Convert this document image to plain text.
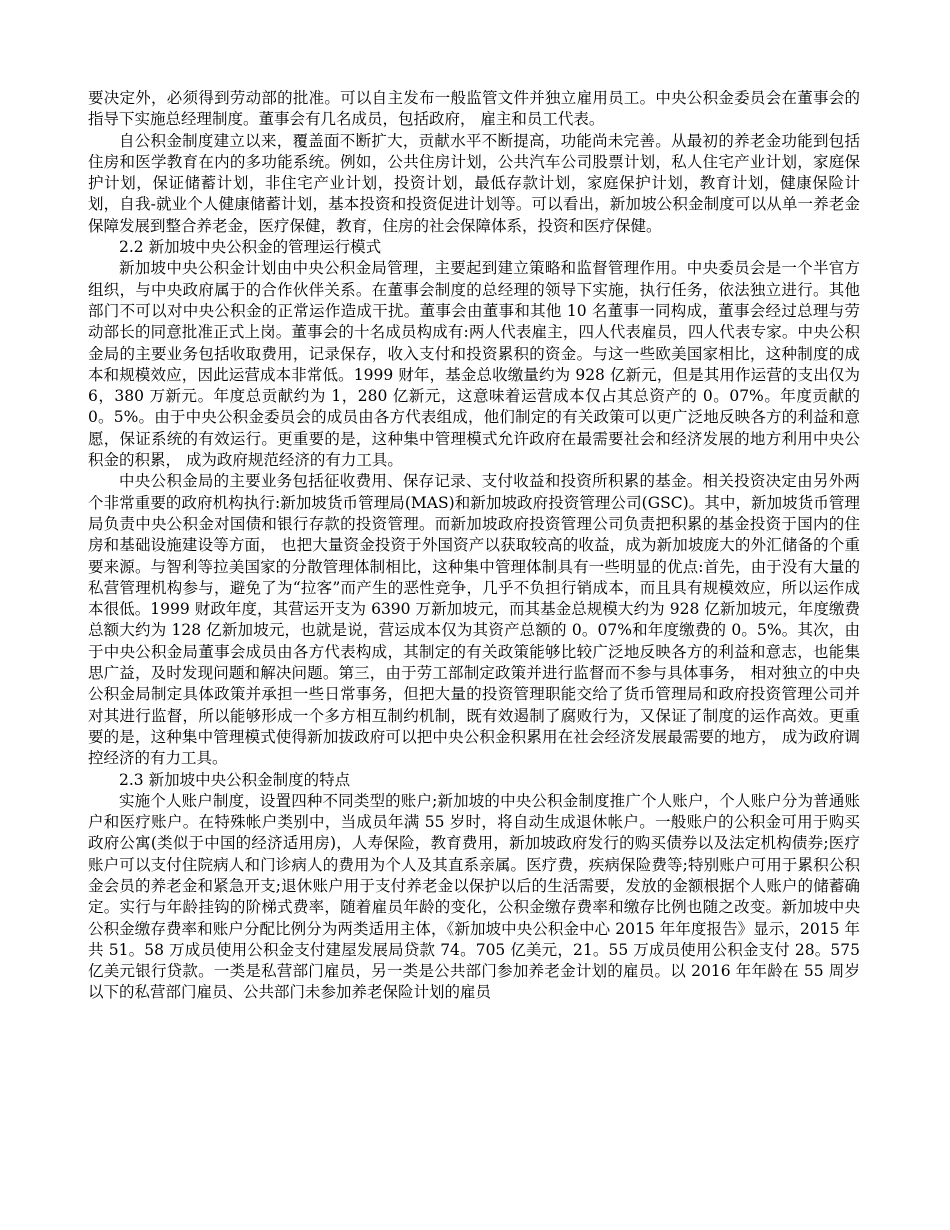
要决定外，必须得到劳动部的批准。可以自主发布一般监管文件并独立雇用员工。中央公积金委员会在董事会的指导下实施总经理制度。董事会有几名成员，包括政府， 雇主和员工代表。

自公积金制度建立以来，覆盖面不断扩大，贡献水平不断提高，功能尚未完善。从最初的养老金功能到包括住房和医学教育在内的多功能系统。例如，公共住房计划，公共汽车公司股票计划，私人住宅产业计划，家庭保护计划，保证储蓄计划，非住宅产业计划，投资计划，最低存款计划，家庭保护计划，教育计划，健康保险计划，自我-就业个人健康储蓄计划，基本投资和投资促进计划等。可以看出，新加坡公积金制度可以从单一养老金保障发展到整合养老金，医疗保健，教育，住房的社会保障体系，投资和医疗保健。

2.2 新加坡中央公积金的管理运行模式

新加坡中央公积金计划由中央公积金局管理，主要起到建立策略和监督管理作用。中央委员会是一个半官方组织，与中央政府属于的合作伙伴关系。在董事会制度的总经理的领导下实施，执行任务，依法独立进行。其他部门不可以对中央公积金的正常运作造成干扰。董事会由董事和其他 10 名董事一同构成，董事会经过总理与劳动部长的同意批准正式上岗。董事会的十名成员构成有:两人代表雇主，四人代表雇员，四人代表专家。中央公积金局的主要业务包括收取费用，记录保存，收入支付和投资累积的资金。与这一些欧美国家相比，这种制度的成本和规模效应，因此运营成本非常低。1999 财年，基金总收缴量约为 928 亿新元，但是其用作运营的支出仅为 6，380 万新元。年度总贡献约为 1，280 亿新元，这意味着运营成本仅占其总资产的 0。07%。年度贡献的 0。5%。由于中央公积金委员会的成员由各方代表组成，他们制定的有关政策可以更广泛地反映各方的利益和意愿，保证系统的有效运行。更重要的是，这种集中管理模式允许政府在最需要社会和经济发展的地方利用中央公积金的积累， 成为政府规范经济的有力工具。

中央公积金局的主要业务包括征收费用、保存记录、支付收益和投资所积累的基金。相关投资决定由另外两个非常重要的政府机构执行:新加坡货币管理局(MAS)和新加坡政府投资管理公司(GSC)。其中，新加坡货币管理局负责中央公积金对国债和银行存款的投资管理。而新加坡政府投资管理公司负责把积累的基金投资于国内的住房和基础设施建设等方面， 也把大量资金投资于外国资产以获取较高的收益，成为新加坡庞大的外汇储备的个重要来源。与智利等拉美国家的分散管理体制相比，这种集中管理体制具有一些明显的优点:首先，由于没有大量的私营管理机构参与，避免了为“拉客”而产生的恶性竞争，几乎不负担行销成本，而且具有规模效应，所以运作成本很低。1999 财政年度，其营运开支为 6390 万新加坡元，而其基金总规模大约为 928 亿新加坡元，年度缴费总额大约为 128 亿新加坡元，也就是说，营运成本仅为其资产总额的 0。07%和年度缴费的 0。5%。其次，由于中央公积金局董事会成员由各方代表构成，其制定的有关政策能够比较广泛地反映各方的利益和意志，也能集思广益，及时发现问题和解决问题。第三，由于劳工部制定政策并进行监督而不参与具体事务， 相对独立的中央公积金局制定具体政策并承担一些日常事务，但把大量的投资管理职能交给了货币管理局和政府投资管理公司并对其进行监督，所以能够形成一个多方相互制约机制，既有效遏制了腐败行为，又保证了制度的运作高效。更重要的是，这种集中管理模式使得新加拔政府可以把中央公积金积累用在社会经济发展最需要的地方， 成为政府调控经济的有力工具。

2.3 新加坡中央公积金制度的特点

实施个人账户制度，设置四种不同类型的账户;新加坡的中央公积金制度推广个人账户，个人账户分为普通账户和医疗账户。在特殊帐户类别中，当成员年满 55 岁时，将自动生成退休帐户。一般账户的公积金可用于购买政府公寓(类似于中国的经济适用房)，人寿保险，教育费用，新加坡政府发行的购买债券以及法定机构债券;医疗账户可以支付住院病人和门诊病人的费用为个人及其直系亲属。医疗费，疾病保险费等;特别账户可用于累积公积金会员的养老金和紧急开支;退休账户用于支付养老金以保护以后的生活需要，发放的金额根据个人账户的储蓄确定。实行与年龄挂钩的阶梯式费率，随着雇员年龄的变化，公积金缴存费率和缴存比例也随之改变。新加坡中央公积金缴存费率和账户分配比例分为两类适用主体，《新加坡中央公积金中心 2015 年年度报告》显示，2015 年共 51。58 万成员使用公积金支付建屋发展局贷款 74。705 亿美元，21。55 万成员使用公积金支付 28。575 亿美元银行贷款。一类是私营部门雇员，另一类是公共部门参加养老金计划的雇员。以 2016 年年龄在 55 周岁以下的私营部门雇员、公共部门未参加养老保险计划的雇员
